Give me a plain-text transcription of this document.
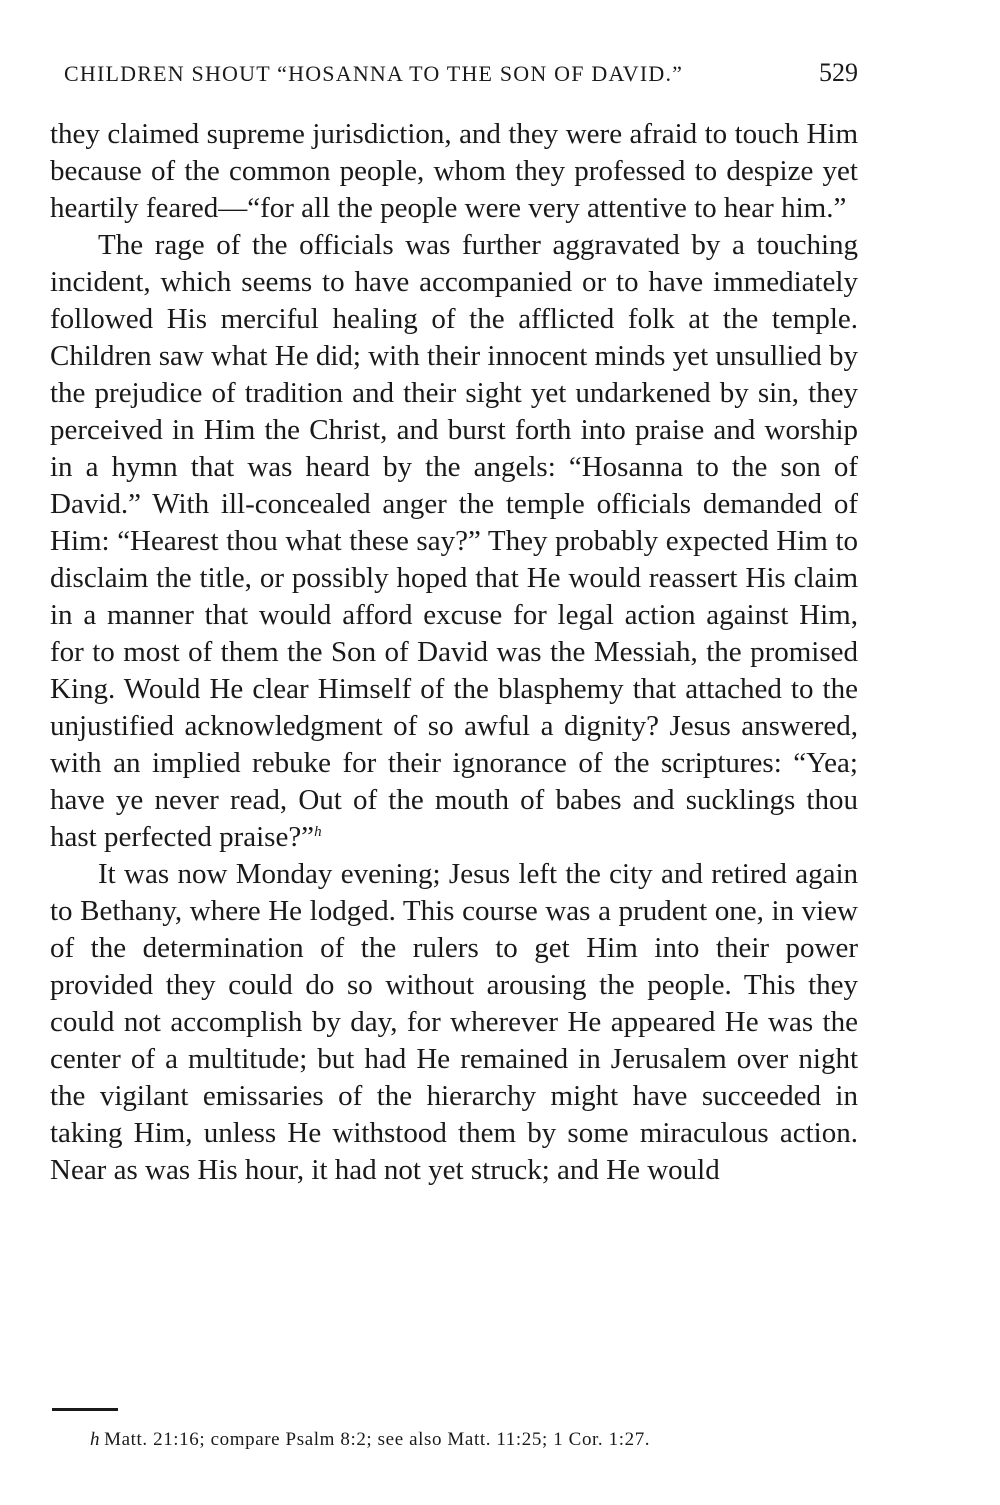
CHILDREN SHOUT “HOSANNA TO THE SON OF DAVID.”	529

they claimed supreme jurisdiction, and they were afraid to touch Him because of the common people, whom they professed to despize yet heartily feared—“for all the people were very attentive to hear him.”

The rage of the officials was further aggravated by a touching incident, which seems to have accompanied or to have immediately followed His merciful healing of the afflicted folk at the temple. Children saw what He did; with their innocent minds yet unsullied by the prejudice of tradition and their sight yet undarkened by sin, they perceived in Him the Christ, and burst forth into praise and worship in a hymn that was heard by the angels: “Hosanna to the son of David.” With ill-concealed anger the temple officials demanded of Him: “Hearest thou what these say?” They probably expected Him to disclaim the title, or possibly hoped that He would reassert His claim in a manner that would afford excuse for legal action against Him, for to most of them the Son of David was the Messiah, the promised King. Would He clear Himself of the blasphemy that attached to the unjustified acknowledgment of so awful a dignity? Jesus answered, with an implied rebuke for their ignorance of the scriptures: “Yea; have ye never read, Out of the mouth of babes and sucklings thou hast perfected praise?”$^h$

It was now Monday evening; Jesus left the city and retired again to Bethany, where He lodged. This course was a prudent one, in view of the determination of the rulers to get Him into their power provided they could do so without arousing the people. This they could not accomplish by day, for wherever He appeared He was the center of a multitude; but had He remained in Jerusalem over night the vigilant emissaries of the hierarchy might have succeeded in taking Him, unless He withstood them by some miraculous action. Near as was His hour, it had not yet struck; and He would

h Matt. 21:16; compare Psalm 8:2; see also Matt. 11:25; 1 Cor. 1:27.
